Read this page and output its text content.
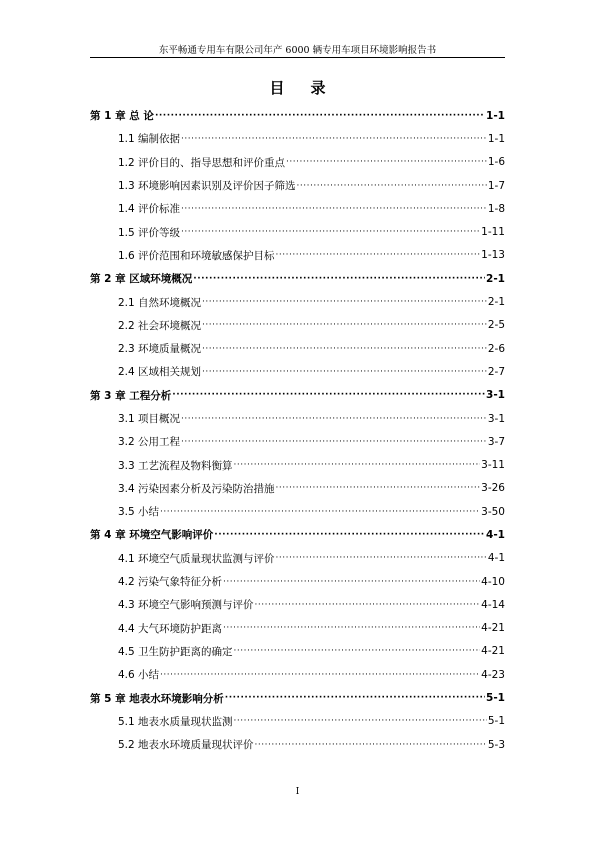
东平畅通专用车有限公司年产 6000 辆专用车项目环境影响报告书
目 录
第 1 章 总 论 ·····	1-1
1.1 编制依据 ·····	1-1
1.2 评价目的、指导思想和评价重点 ·····	1-6
1.3 环境影响因素识别及评价因子筛选 ·····	1-7
1.4 评价标准 ·····	1-8
1.5 评价等级 ·····	1-11
1.6 评价范围和环境敏感保护目标 ·····	1-13
第 2 章 区域环境概况 ·····	2-1
2.1 自然环境概况 ·····	2-1
2.2 社会环境概况 ·····	2-5
2.3 环境质量概况 ·····	2-6
2.4 区域相关规划 ·····	2-7
第 3 章 工程分析 ·····	3-1
3.1 项目概况 ·····	3-1
3.2 公用工程 ·····	3-7
3.3 工艺流程及物料衡算 ·····	3-11
3.4 污染因素分析及污染防治措施 ·····	3-26
3.5 小结 ·····	3-50
第 4 章 环境空气影响评价 ·····	4-1
4.1 环境空气质量现状监测与评价 ·····	4-1
4.2 污染气象特征分析 ·····	4-10
4.3 环境空气影响预测与评价 ·····	4-14
4.4 大气环境防护距离 ·····	4-21
4.5 卫生防护距离的确定 ·····	4-21
4.6 小结 ·····	4-23
第 5 章 地表水环境影响分析 ·····	5-1
5.1 地表水质量现状监测 ·····	5-1
5.2 地表水环境质量现状评价 ·····	5-3
I
